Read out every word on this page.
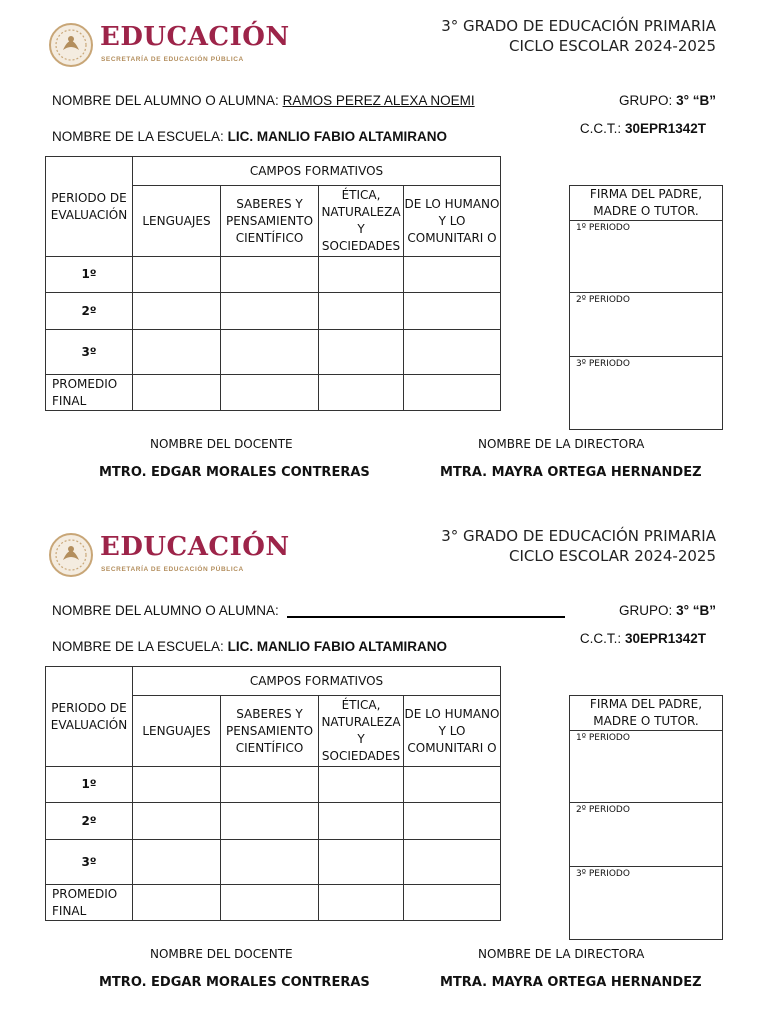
EDUCACIÓN
SECRETARÍA DE EDUCACIÓN PÚBLICA
3° GRADO DE EDUCACIÓN PRIMARIA
CICLO ESCOLAR 2024-2025
NOMBRE DEL ALUMNO O ALUMNA: RAMOS PEREZ ALEXA NOEMI	GRUPO: 3° “B”
NOMBRE DE LA ESCUELA: LIC. MANLIO FABIO ALTAMIRANO
C.C.T.: 30EPR1342T
PERIODO DE EVALUACIÓN	CAMPOS FORMATIVOS			
	LENGUAJES	SABERES Y PENSAMIENTO CIENTÍFICO	ÉTICA, NATURALEZA Y SOCIEDADES	DE LO HUMANO Y LO COMUNITARI O
1º				
2º				
3º				
PROMEDIO FINAL				
FIRMA DEL PADRE, MADRE O TUTOR.
1º PERIODO
2º PERIODO
3º PERIODO
NOMBRE DEL DOCENTE	NOMBRE DE LA DIRECTORA
MTRO. EDGAR MORALES CONTRERAS	MTRA. MAYRA ORTEGA HERNANDEZ
EDUCACIÓN
SECRETARÍA DE EDUCACIÓN PÚBLICA
3° GRADO DE EDUCACIÓN PRIMARIA
CICLO ESCOLAR 2024-2025
NOMBRE DEL ALUMNO O ALUMNA:	GRUPO: 3° “B”
NOMBRE DE LA ESCUELA: LIC. MANLIO FABIO ALTAMIRANO
C.C.T.: 30EPR1342T
PERIODO DE EVALUACIÓN	CAMPOS FORMATIVOS			
	LENGUAJES	SABERES Y PENSAMIENTO CIENTÍFICO	ÉTICA, NATURALEZA Y SOCIEDADES	DE LO HUMANO Y LO COMUNITARI O
1º				
2º				
3º				
PROMEDIO FINAL				
FIRMA DEL PADRE, MADRE O TUTOR.
1º PERIODO
2º PERIODO
3º PERIODO
NOMBRE DEL DOCENTE	NOMBRE DE LA DIRECTORA
MTRO. EDGAR MORALES CONTRERAS	MTRA. MAYRA ORTEGA HERNANDEZ
